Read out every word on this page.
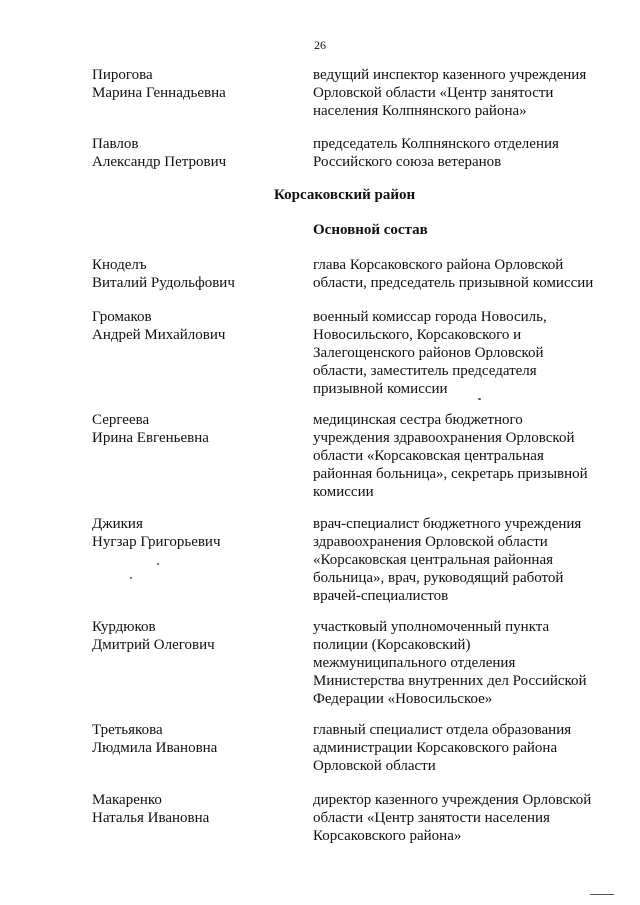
26
Пирогова
Марина Геннадьевна
ведущий инспектор казенного учреждения
Орловской области «Центр занятости
населения Колпнянского района»
Павлов
Александр Петрович
председатель Колпнянского отделения
Российского союза ветеранов
Корсаковский район
Основной состав
Кноделъ
Виталий Рудольфович
глава Корсаковского района Орловской
области, председатель призывной комиссии
Громаков
Андрей Михайлович
военный комиссар города Новосиль,
Новосильского, Корсаковского и
Залегощенского районов Орловской
области, заместитель председателя
призывной комиссии
Сергеева
Ирина Евгеньевна
медицинская сестра бюджетного
учреждения здравоохранения Орловской
области «Корсаковская центральная
районная больница», секретарь призывной
комиссии
Джикия
Нугзар Григорьевич
врач-специалист бюджетного учреждения
здравоохранения Орловской области
«Корсаковская центральная районная
больница», врач, руководящий работой
врачей-специалистов
Курдюков
Дмитрий Олегович
участковый уполномоченный пункта
полиции (Корсаковский)
межмуниципального отделения
Министерства внутренних дел Российской
Федерации «Новосильское»
Третьякова
Людмила Ивановна
главный специалист отдела образования
администрации Корсаковского района
Орловской области
Макаренко
Наталья Ивановна
директор казенного учреждения Орловской
области «Центр занятости населения
Корсаковского района»
